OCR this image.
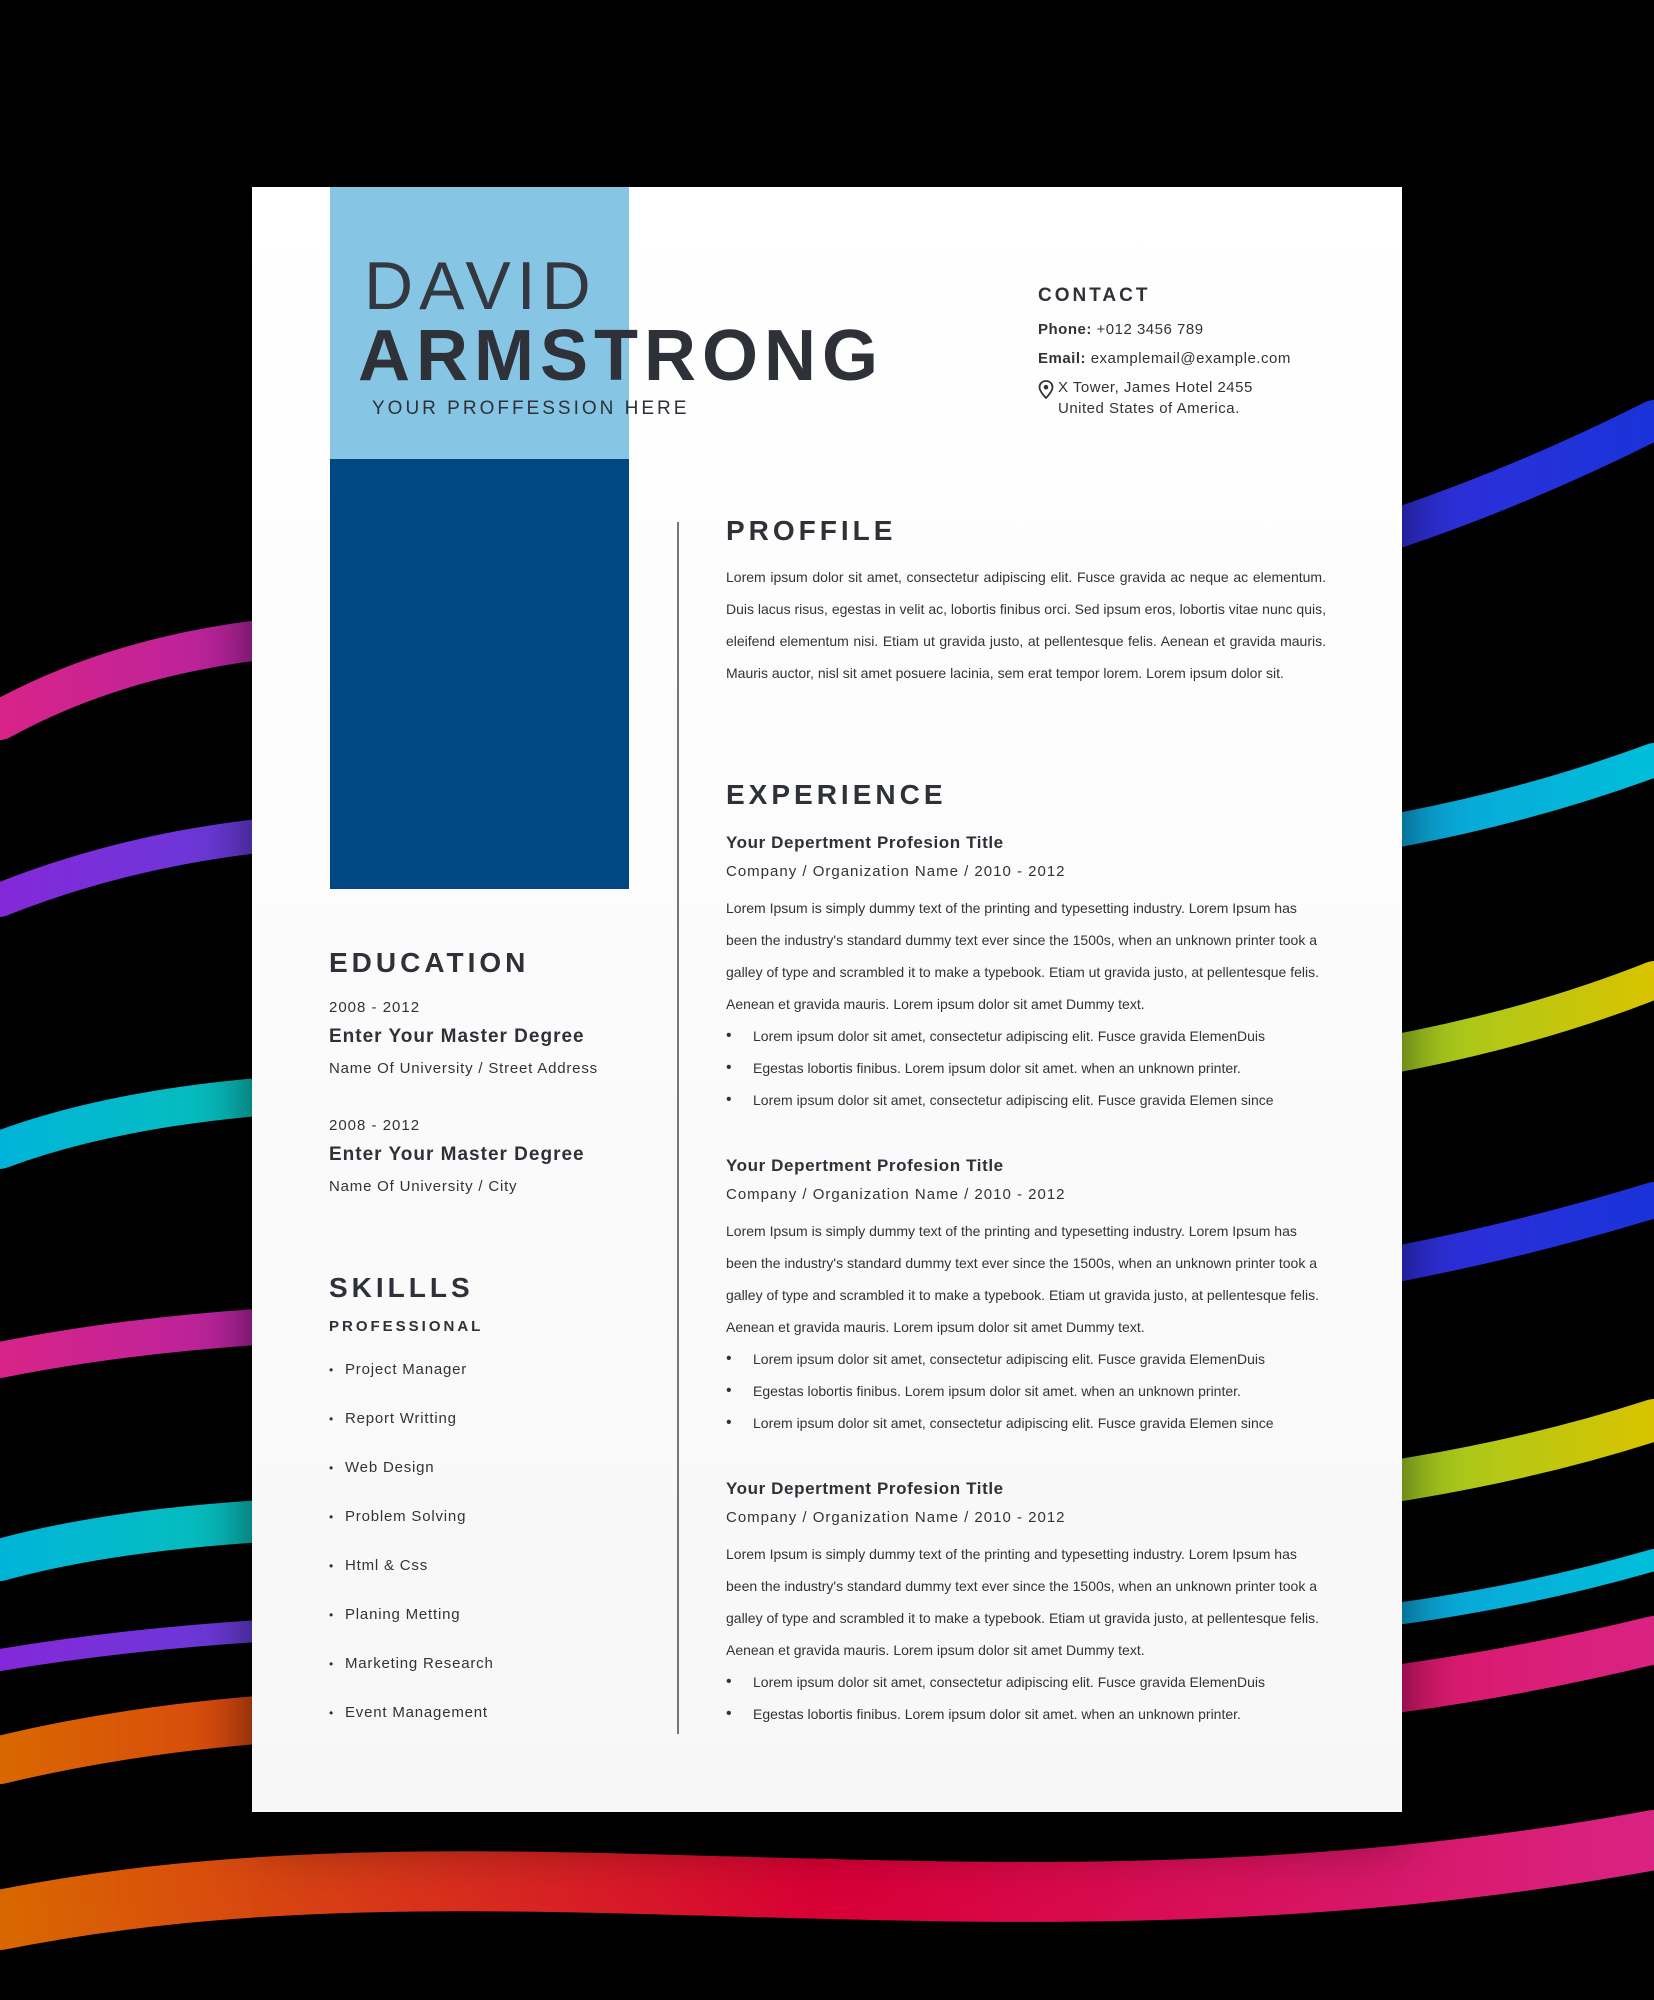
DAVID
ARMSTRONG

YOUR PROFFESSION HERE

CONTACT
Phone: +012 3456 789
Email: examplemail@example.com
X Tower, James Hotel 2455
United States of America.
EDUCATION
2008 - 2012
Enter Your Master Degree
Name Of University / Street Address
2008 - 2012
Enter Your Master Degree
Name Of University / City
SKILLLS

PROFESSIONAL

• Project Manager
• Report Writting
• Web Design
• Problem Solving
• Html & Css
• Planing Metting
• Marketing Research
• Event Management
PROFFILE

Lorem ipsum dolor sit amet, consectetur adipiscing elit. Fusce gravida ac neque ac elementum. Duis lacus risus, egestas in velit ac, lobortis finibus orci. Sed ipsum eros, lobortis vitae nunc quis, eleifend elementum nisi. Etiam ut gravida justo, at pellentesque felis. Aenean et gravida mauris. Mauris auctor, nisl sit amet posuere lacinia, sem erat tempor lorem. Lorem ipsum dolor sit.

EXPERIENCE
Your Depertment Profesion Title
Company / Organization Name / 2010 - 2012

Lorem Ipsum is simply dummy text of the printing and typesetting industry. Lorem Ipsum has been the industry's standard dummy text ever since the 1500s, when an unknown printer took a galley of type and scrambled it to make a typebook. Etiam ut gravida justo, at pellentesque felis. Aenean et gravida mauris. Lorem ipsum dolor sit amet Dummy text.

• Lorem ipsum dolor sit amet, consectetur adipiscing elit. Fusce gravida ElemenDuis
• Egestas lobortis finibus. Lorem ipsum dolor sit amet. when an unknown printer.
• Lorem ipsum dolor sit amet, consectetur adipiscing elit. Fusce gravida Elemen since
Your Depertment Profesion Title
Company / Organization Name / 2010 - 2012

Lorem Ipsum is simply dummy text of the printing and typesetting industry. Lorem Ipsum has been the industry's standard dummy text ever since the 1500s, when an unknown printer took a galley of type and scrambled it to make a typebook. Etiam ut gravida justo, at pellentesque felis. Aenean et gravida mauris. Lorem ipsum dolor sit amet Dummy text.

• Lorem ipsum dolor sit amet, consectetur adipiscing elit. Fusce gravida ElemenDuis
• Egestas lobortis finibus. Lorem ipsum dolor sit amet. when an unknown printer.
• Lorem ipsum dolor sit amet, consectetur adipiscing elit. Fusce gravida Elemen since
Your Depertment Profesion Title
Company / Organization Name / 2010 - 2012

Lorem Ipsum is simply dummy text of the printing and typesetting industry. Lorem Ipsum has been the industry's standard dummy text ever since the 1500s, when an unknown printer took a galley of type and scrambled it to make a typebook. Etiam ut gravida justo, at pellentesque felis. Aenean et gravida mauris. Lorem ipsum dolor sit amet Dummy text.

• Lorem ipsum dolor sit amet, consectetur adipiscing elit. Fusce gravida ElemenDuis
• Egestas lobortis finibus. Lorem ipsum dolor sit amet. when an unknown printer.
